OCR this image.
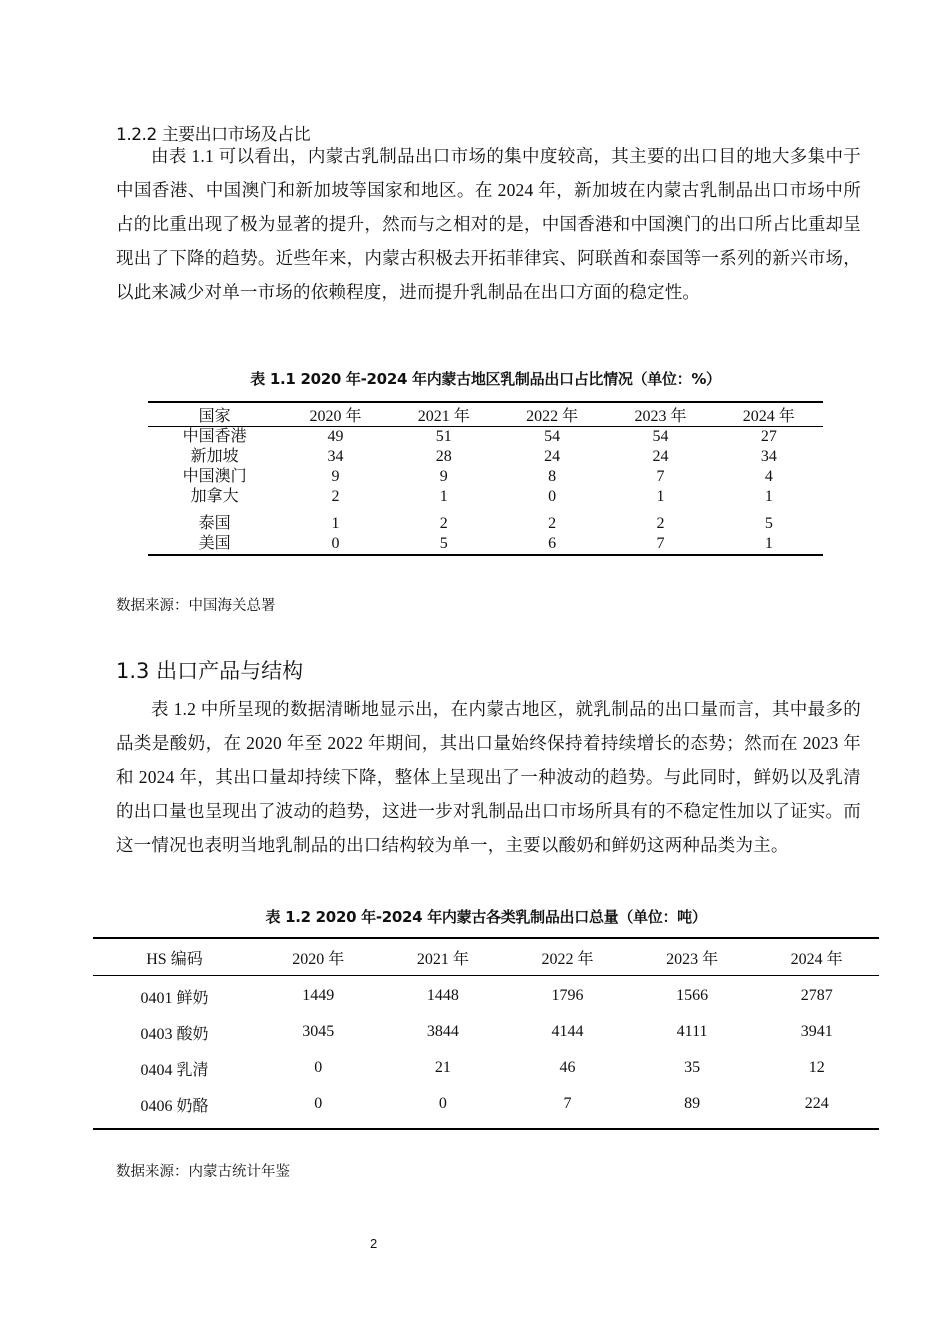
1.2.2 主要出口市场及占比

由表 1.1 可以看出，内蒙古乳制品出口市场的集中度较高，其主要的出口目的地大多集中于中国香港、中国澳门和新加坡等国家和地区。在 2024 年，新加坡在内蒙古乳制品出口市场中所占的比重出现了极为显著的提升，然而与之相对的是，中国香港和中国澳门的出口所占比重却呈现出了下降的趋势。近些年来，内蒙古积极去开拓菲律宾、阿联酋和泰国等一系列的新兴市场，以此来减少对单一市场的依赖程度，进而提升乳制品在出口方面的稳定性。

表 1.1 2020 年-2024 年内蒙古地区乳制品出口占比情况（单位：%）
国家	2020 年	2021 年	2022 年	2023 年	2024 年
中国香港	49	51	54	54	27
新加坡	34	28	24	24	34
中国澳门	9	9	8	7	4
加拿大	2	1	0	1	1
泰国	1	2	2	2	5
美国	0	5	6	7	1
数据来源：中国海关总署
1.3 出口产品与结构

表 1.2 中所呈现的数据清晰地显示出，在内蒙古地区，就乳制品的出口量而言，其中最多的品类是酸奶，在 2020 年至 2022 年期间，其出口量始终保持着持续增长的态势；然而在 2023 年和 2024 年，其出口量却持续下降，整体上呈现出了一种波动的趋势。与此同时，鲜奶以及乳清的出口量也呈现出了波动的趋势，这进一步对乳制品出口市场所具有的不稳定性加以了证实。而这一情况也表明当地乳制品的出口结构较为单一，主要以酸奶和鲜奶这两种品类为主。

表 1.2 2020 年-2024 年内蒙古各类乳制品出口总量（单位：吨）
HS 编码	2020 年	2021 年	2022 年	2023 年	2024 年
0401 鲜奶	1449	1448	1796	1566	2787
0403 酸奶	3045	3844	4144	4111	3941
0404 乳清	0	21	46	35	12
0406 奶酪	0	0	7	89	224
数据来源：内蒙古统计年鉴
2
